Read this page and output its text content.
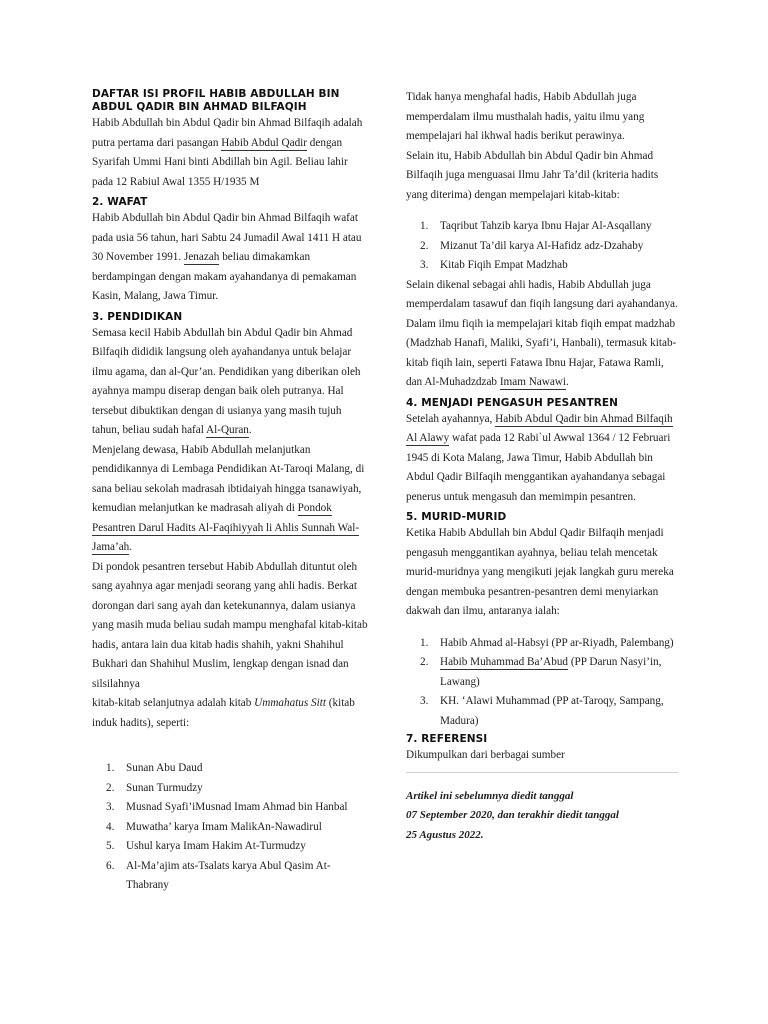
DAFTAR ISI PROFIL HABIB ABDULLAH BIN ABDUL QADIR BIN AHMAD BILFAQIH

Habib Abdullah bin Abdul Qadir bin Ahmad Bilfaqih adalah putra pertama dari pasangan Habib Abdul Qadir dengan Syarifah Ummi Hani binti Abdillah bin Agil. Beliau lahir pada 12 Rabiul Awal 1355 H/1935 M

2. WAFAT

Habib Abdullah bin Abdul Qadir bin Ahmad Bilfaqih wafat pada usia 56 tahun, hari Sabtu 24 Jumadil Awal 1411 H atau 30 November 1991. Jenazah beliau dimakamkan berdampingan dengan makam ayahandanya di pemakaman Kasin, Malang, Jawa Timur.

3. PENDIDIKAN

Semasa kecil Habib Abdullah bin Abdul Qadir bin Ahmad Bilfaqih dididik langsung oleh ayahandanya untuk belajar ilmu agama, dan al-Qur’an. Pendidikan yang diberikan oleh ayahnya mampu diserap dengan baik oleh putranya. Hal tersebut dibuktikan dengan di usianya yang masih tujuh tahun, beliau sudah hafal Al-Quran.

Menjelang dewasa, Habib Abdullah melanjutkan pendidikannya di Lembaga Pendidikan At-Taroqi Malang, di sana beliau sekolah madrasah ibtidaiyah hingga tsanawiyah, kemudian melanjutkan ke madrasah aliyah di Pondok Pesantren Darul Hadits Al-Faqihiyyah li Ahlis Sunnah Wal-Jama’ah.

Di pondok pesantren tersebut Habib Abdullah dituntut oleh sang ayahnya agar menjadi seorang yang ahli hadis. Berkat dorongan dari sang ayah dan ketekunannya, dalam usianya yang masih muda beliau sudah mampu menghafal kitab-kitab hadis, antara lain dua kitab hadis shahih, yakni Shahihul Bukhari dan Shahihul Muslim, lengkap dengan isnad dan silsilahnya

kitab-kitab selanjutnya adalah kitab Ummahatus Sitt (kitab induk hadits), seperti:

1. Sunan Abu Daud
2. Sunan Turmudzy
3. Musnad Syafi’iMusnad Imam Ahmad bin Hanbal
4. Muwatha’ karya Imam MalikAn-Nawadirul
5. Ushul karya Imam Hakim At-Turmudzy
6. Al-Ma’ajim ats-Tsalats karya Abul Qasim At-Thabrany

Tidak hanya menghafal hadis, Habib Abdullah juga memperdalam ilmu musthalah hadis, yaitu ilmu yang mempelajari hal ikhwal hadis berikut perawinya.

Selain itu, Habib Abdullah bin Abdul Qadir bin Ahmad Bilfaqih juga menguasai Ilmu Jahr Ta’dil (kriteria hadits yang diterima) dengan mempelajari kitab-kitab:

1. Taqribut Tahzib karya Ibnu Hajar Al-Asqallany
2. Mizanut Ta’dil karya Al-Hafidz adz-Dzahaby
3. Kitab Fiqih Empat Madzhab

Selain dikenal sebagai ahli hadis, Habib Abdullah juga memperdalam tasawuf dan fiqih langsung dari ayahandanya. Dalam ilmu fiqih ia mempelajari kitab fiqih empat madzhab (Madzhab Hanafi, Maliki, Syafi’i, Hanbali), termasuk kitab-kitab fiqih lain, seperti Fatawa Ibnu Hajar, Fatawa Ramli, dan Al-Muhadzdzab Imam Nawawi.

4. MENJADI PENGASUH PESANTREN

Setelah ayahannya, Habib Abdul Qadir bin Ahmad Bilfaqih Al Alawy wafat pada 12 Rabi`ul Awwal 1364 / 12 Februari 1945 di Kota Malang, Jawa Timur, Habib Abdullah bin Abdul Qadir Bilfaqih menggantikan ayahandanya sebagai penerus untuk mengasuh dan memimpin pesantren.

5. MURID-MURID

Ketika Habib Abdullah bin Abdul Qadir Bilfaqih menjadi pengasuh menggantikan ayahnya, beliau telah mencetak murid-muridnya yang mengikuti jejak langkah guru mereka dengan membuka pesantren-pesantren demi menyiarkan dakwah dan ilmu, antaranya ialah:

1. Habib Ahmad al-Habsyi (PP ar-Riyadh, Palembang)
2. Habib Muhammad Ba’Abud (PP Darun Nasyi’in, Lawang)
3. KH. ‘Alawi Muhammad (PP at-Taroqy, Sampang, Madura)
7. REFERENSI

Dikumpulkan dari berbagai sumber

Artikel ini sebelumnya diedit tanggal
07 September 2020, dan terakhir diedit tanggal
25 Agustus 2022.
